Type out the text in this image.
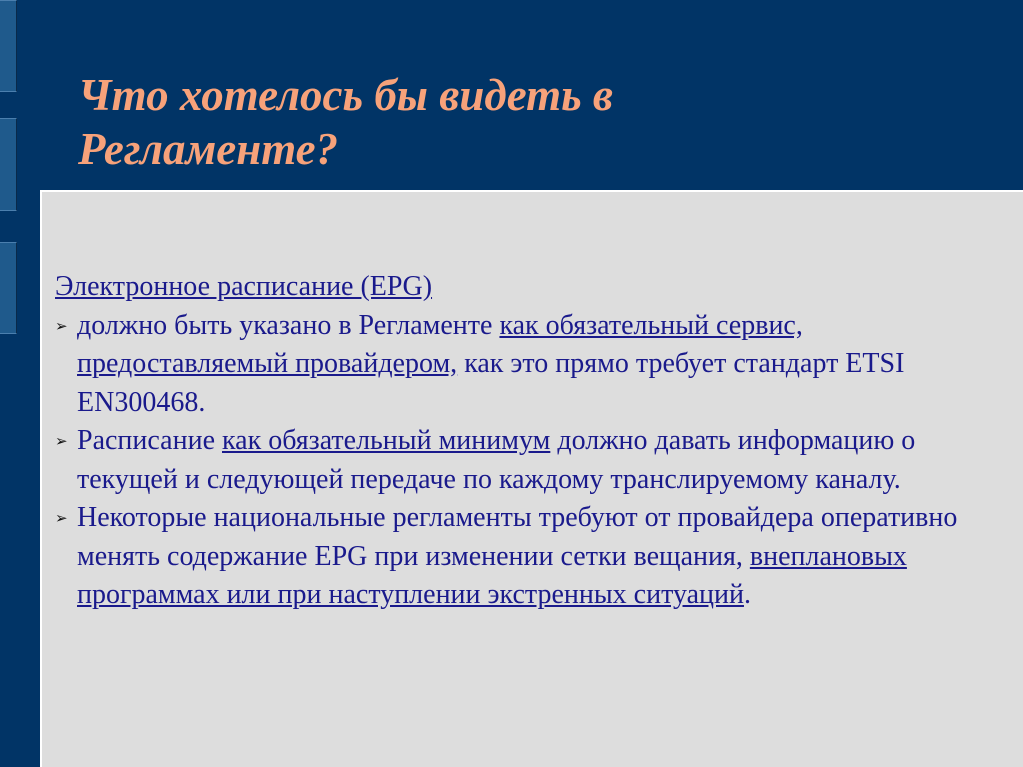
Что хотелось бы видеть в
Регламенте?
Электронное расписание (EPG)
➢ должно быть указано в Регламенте как обязательный сервис, предоставляемый провайдером, как это прямо требует стандарт ETSI EN300468.
➢ Расписание как обязательный минимум должно давать информацию о текущей и следующей передаче по каждому транслируемому каналу.
➢ Некоторые национальные регламенты требуют от провайдера оперативно менять содержание EPG при изменении сетки вещания, внеплановых программах или при наступлении экстренных ситуаций.
